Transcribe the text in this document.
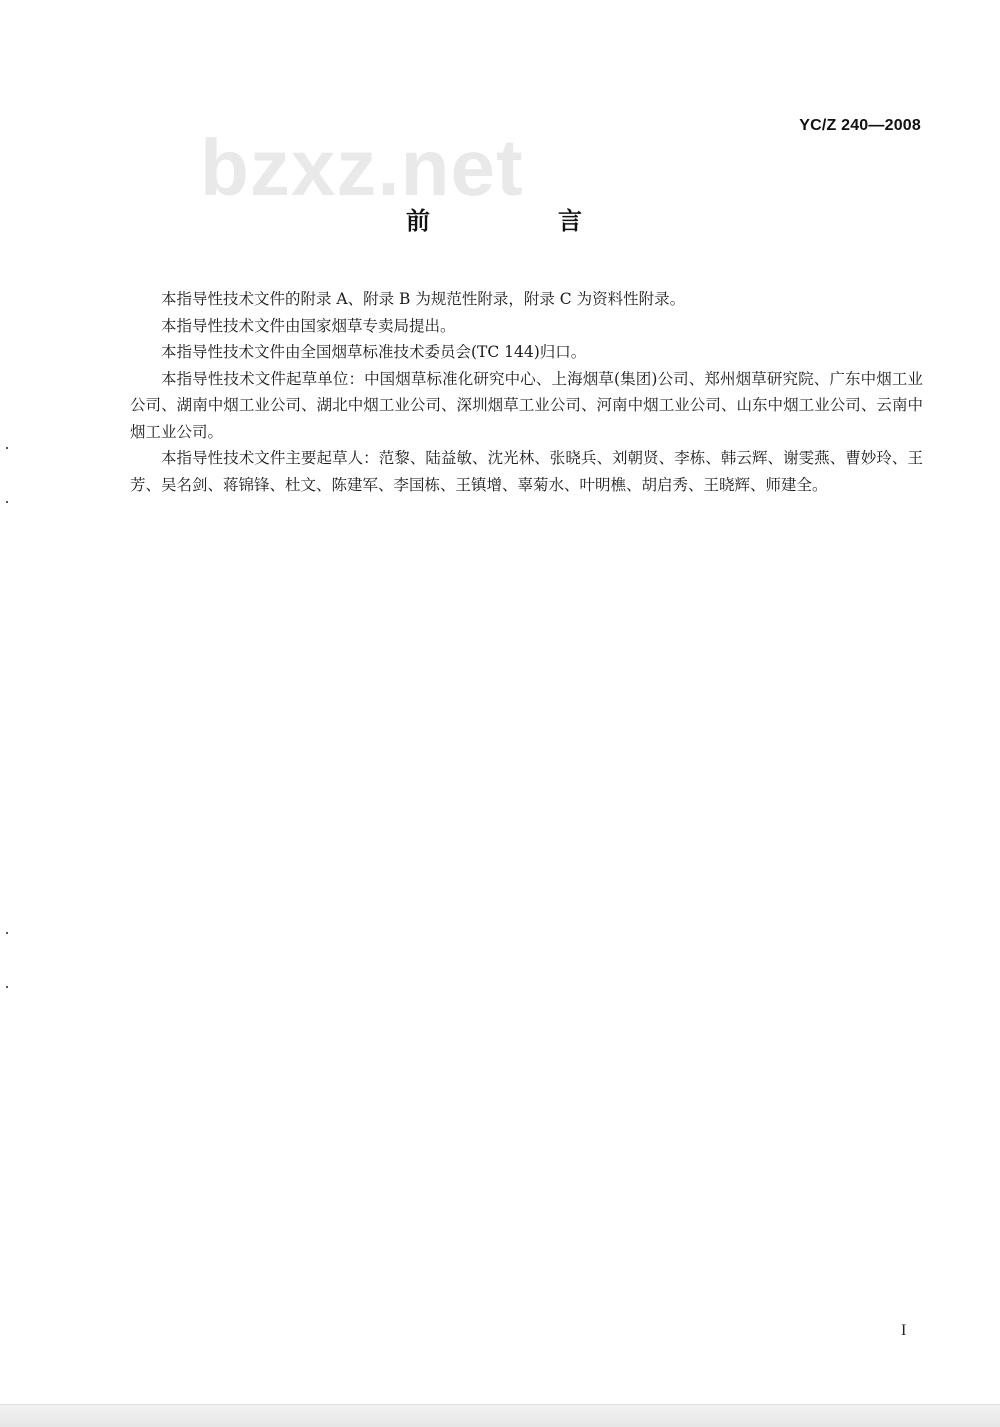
bzxz.net	YC/Z 240—2008
前　言

本指导性技术文件的附录 A、附录 B 为规范性附录，附录 C 为资料性附录。

本指导性技术文件由国家烟草专卖局提出。

本指导性技术文件由全国烟草标准技术委员会(TC 144)归口。

本指导性技术文件起草单位：中国烟草标准化研究中心、上海烟草(集团)公司、郑州烟草研究院、广东中烟工业公司、湖南中烟工业公司、湖北中烟工业公司、深圳烟草工业公司、河南中烟工业公司、山东中烟工业公司、云南中烟工业公司。

本指导性技术文件主要起草人：范黎、陆益敏、沈光林、张晓兵、刘朝贤、李栋、韩云辉、谢雯燕、曹妙玲、王芳、吴名剑、蒋锦锋、杜文、陈建军、李国栋、王镇增、辜菊水、叶明樵、胡启秀、王晓辉、师建全。

I
